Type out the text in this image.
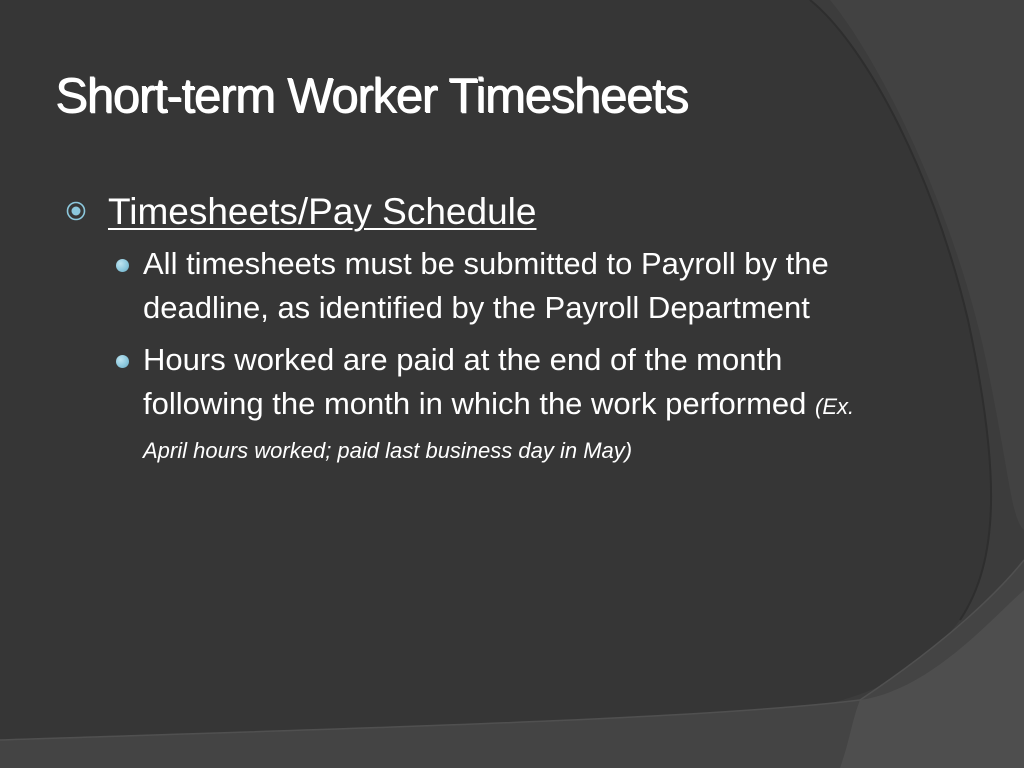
Short-term Worker Timesheets
Timesheets/Pay Schedule
All timesheets must be submitted to Payroll by the deadline, as identified by the Payroll Department
Hours worked are paid at the end of the month following the month in which the work performed (Ex. April hours worked; paid last business day in May)
